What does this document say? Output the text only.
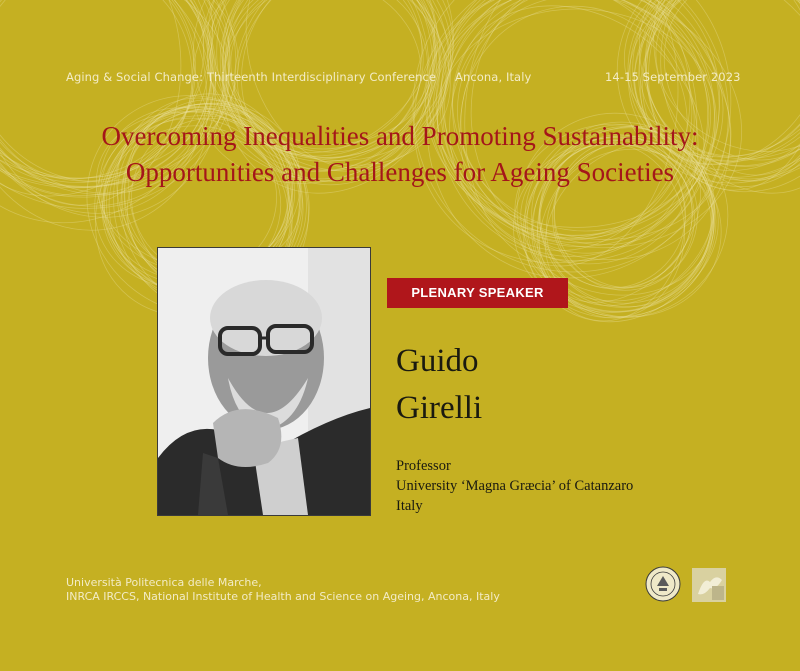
Aging & Social Change: Thirteenth Interdisciplinary Conference Ancona, Italy	14-15 September 2023
Overcoming Inequalities and Promoting Sustainability:
Opportunities and Challenges for Ageing Societies
PLENARY SPEAKER
Guido
Girelli
Professor
University ‘Magna Græcia’ of Catanzaro
Italy
Università Politecnica delle Marche,
INRCA IRCCS, National Institute of Health and Science on Ageing, Ancona, Italy
